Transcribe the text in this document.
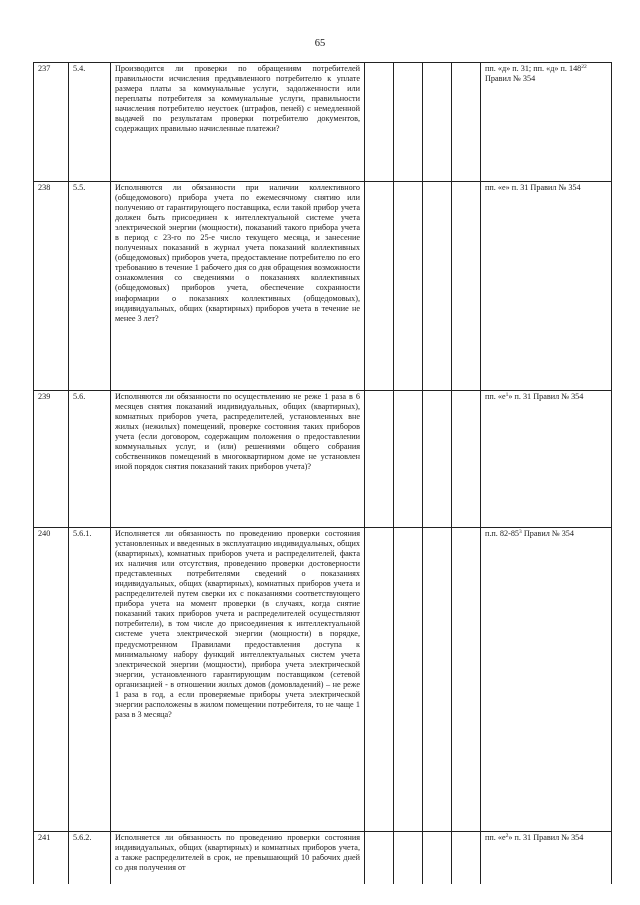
65
237	5.4.	Производится ли проверки по обращениям потребителей правильности исчисления предъявленного потребителю к уплате размера платы за коммунальные услуги, задолженности или переплаты потребителя за коммунальные услуги, правильности начисления потребителю неустоек (штрафов, пеней) с немедленной выдачей по результатам проверки потребителю документов, содержащих правильно начисленные платежи?					пп. «д» п. 31; пп. «д» п. $148^{22}$ Правил № 354
238	5.5.	Исполняются ли обязанности при наличии коллективного (общедомового) прибора учета по ежемесячному снятию или получению от гарантирующего поставщика, если такой прибор учета должен быть присоединен к интеллектуальной системе учета электрической энергии (мощности), показаний такого прибора учета в период с 23-го по 25-е число текущего месяца, и занесение полученных показаний в журнал учета показаний коллективных (общедомовых) приборов учета, предоставление потребителю по его требованию в течение 1 рабочего дня со дня обращения возможности ознакомления со сведениями о показаниях коллективных (общедомовых) приборов учета, обеспечение сохранности информации о показаниях коллективных (общедомовых), индивидуальных, общих (квартирных) приборов учета в течение не менее 3 лет?					пп. «е» п. 31 Правил № 354
239	5.6.	Исполняются ли обязанности по осуществлению не реже 1 раза в 6 месяцев снятия показаний индивидуальных, общих (квартирных), комнатных приборов учета, распределителей, установленных вне жилых (нежилых) помещений, проверке состояния таких приборов учета (если договором, содержащим положения о предоставлении коммунальных услуг, и (или) решениями общего собрания собственников помещений в многоквартирном доме не установлен иной порядок снятия показаний таких приборов учета)?					пп. «$е^1$» п. 31 Правил № 354
240	5.6.1.	Исполняется ли обязанность по проведению проверки состояния установленных и введенных в эксплуатацию индивидуальных, общих (квартирных), комнатных приборов учета и распределителей, факта их наличия или отсутствия, проведению проверки достоверности представленных потребителями сведений о показаниях индивидуальных, общих (квартирных), комнатных приборов учета и распределителей путем сверки их с показаниями соответствующего прибора учета на момент проверки (в случаях, когда снятие показаний таких приборов учета и распределителей осуществляют потребители), в том числе до присоединения к интеллектуальной системе учета электрической энергии (мощности) в порядке, предусмотренном Правилами предоставления доступа к минимальному набору функций интеллектуальных систем учета электрической энергии (мощности), прибора учета электрической энергии, установленного гарантирующим поставщиком (сетевой организацией - в отношении жилых домов (домовладений) – не реже 1 раза в год, а если проверяемые приборы учета электрической энергии расположены в жилом помещении потребителя, то не чаще 1 раза в 3 месяца?					п.п. $82-85^3$ Правил № 354
241	5.6.2.	Исполняется ли обязанность по проведению проверки состояния индивидуальных, общих (квартирных) и комнатных приборов учета, а также распределителей в срок, не превышающий 10 рабочих дней со дня получения от					пп. «$е^2$» п. 31 Правил № 354
